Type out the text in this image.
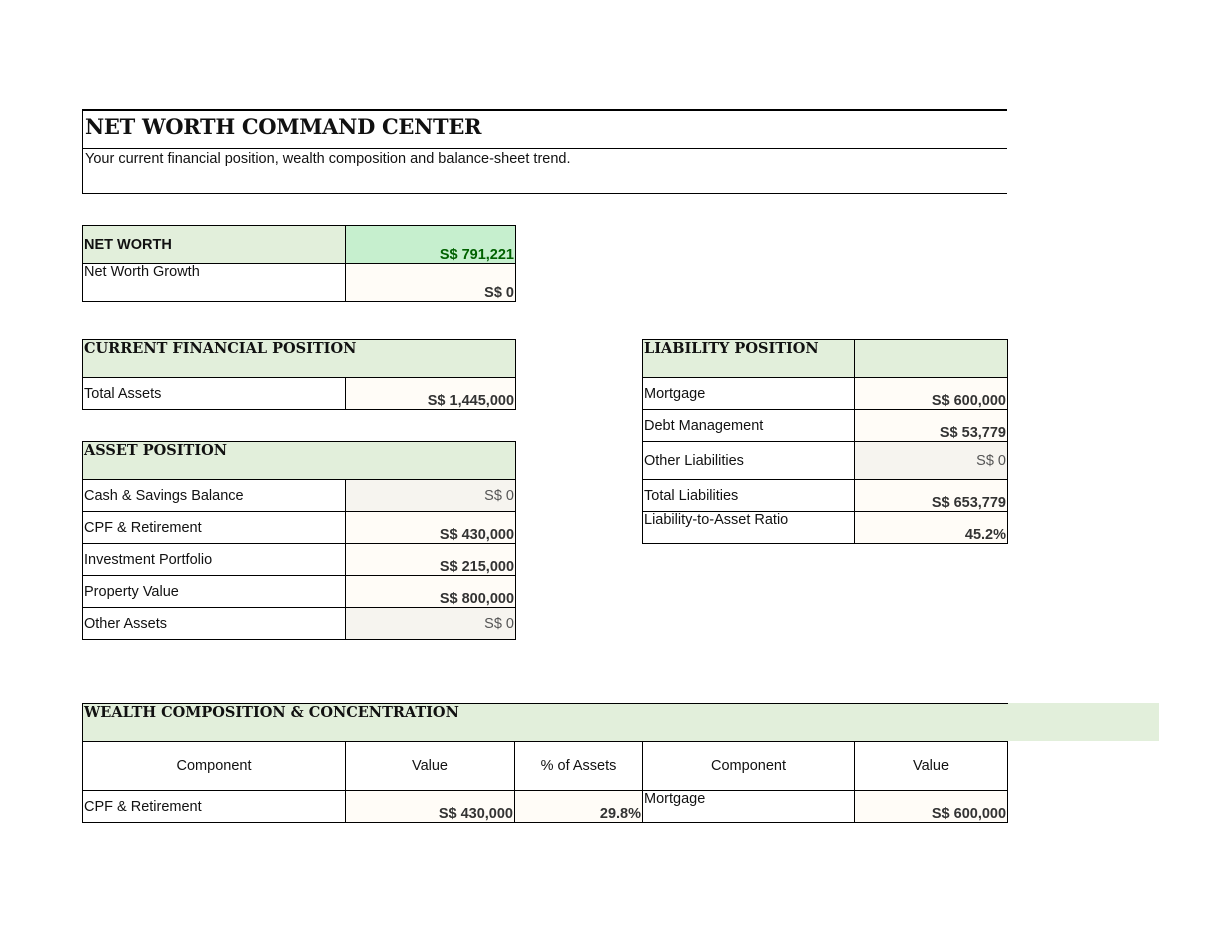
NET WORTH COMMAND CENTER
Your current financial position, wealth composition and balance-sheet trend.
NET WORTH	S$ 791,221
Net Worth Growth	S$ 0
CURRENT FINANCIAL POSITION
Total Assets	S$ 1,445,000
ASSET POSITION	
Cash & Savings Balance	S$ 0
CPF & Retirement	S$ 430,000
Investment Portfolio	S$ 215,000
Property Value	S$ 800,000
Other Assets	S$ 0
LIABILITY POSITION	
Mortgage	S$ 600,000
Debt Management	S$ 53,779
Other Liabilities	S$ 0
Total Liabilities	S$ 653,779
Liability-to-Asset Ratio	45.2%
WEALTH COMPOSITION & CONCENTRATION				
Component	Value	% of Assets	Component	Value
CPF & Retirement	S$ 430,000	29.8%	Mortgage	S$ 600,000
